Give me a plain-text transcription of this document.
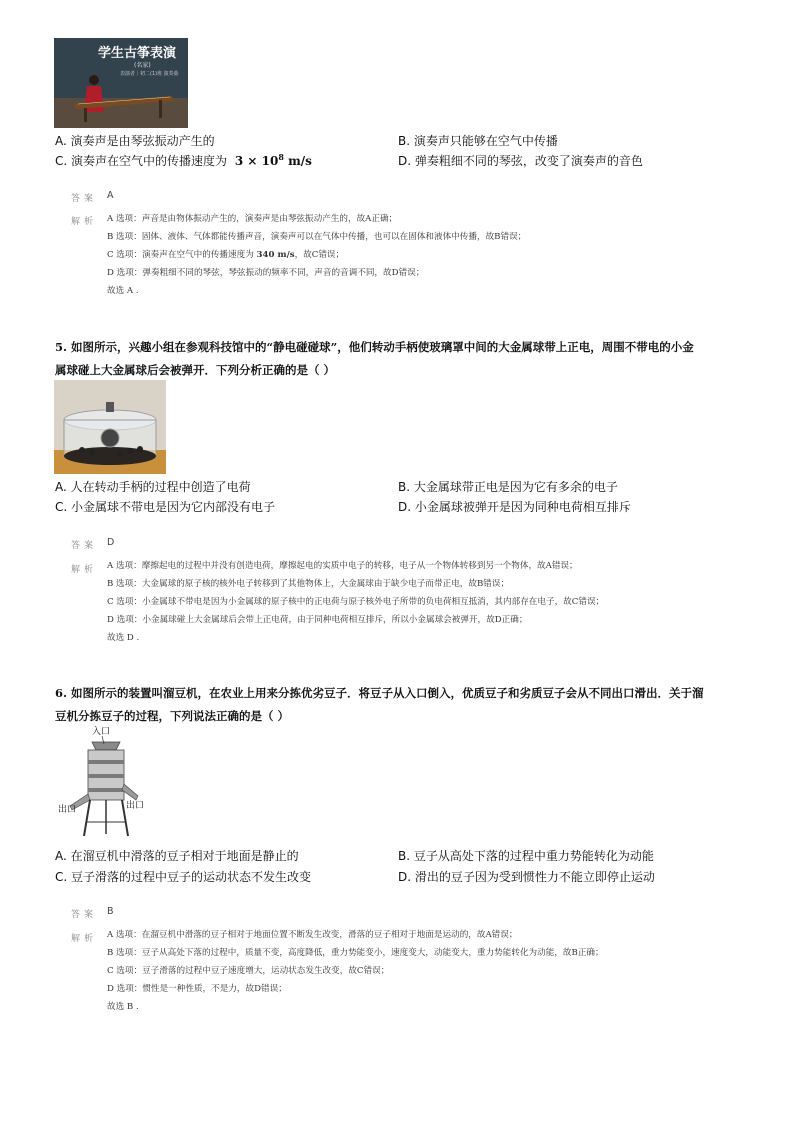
学生古筝表演
(名家)
表演者｜初二(1)班 演奏曲
A. 演奏声是由琴弦振动产生的	B. 演奏声只能够在空气中传播
C. 演奏声在空气中的传播速度为 $3 \times 10^8$ m/s	D. 弹奏粗细不同的琴弦，改变了演奏声的音色
答案 A
解析 A 选项：声音是由物体振动产生的，演奏声是由琴弦振动产生的，故A正确；
B 选项：固体、液体、气体都能传播声音，演奏声可以在气体中传播，也可以在固体和液体中传播，故B错误；
C 选项：演奏声在空气中的传播速度为 340 m/s，故C错误；
D 选项：弹奏粗细不同的琴弦，琴弦振动的频率不同，声音的音调不同，故D错误；
故选 A .
5. 如图所示，兴趣小组在参观科技馆中的“静电碰碰球”，他们转动手柄使玻璃罩中间的大金属球带上正电，周围不带电的小金
属球碰上大金属球后会被弹开．下列分析正确的是（ ）
A. 人在转动手柄的过程中创造了电荷	B. 大金属球带正电是因为它有多余的电子
C. 小金属球不带电是因为它内部没有电子	D. 小金属球被弹开是因为同种电荷相互排斥
答案 D
解析 A 选项：摩擦起电的过程中并没有创造电荷，摩擦起电的实质中电子的转移，电子从一个物体转移到另一个物体，故A错误；
B 选项：大金属球的原子核的核外电子转移到了其他物体上，大金属球由于缺少电子而带正电，故B错误；
C 选项：小金属球不带电是因为小金属球的原子核中的正电荷与原子核外电子所带的负电荷相互抵消，其内部存在电子，故C错误；
D 选项：小金属球碰上大金属球后会带上正电荷，由于同种电荷相互排斥，所以小金属球会被弹开，故D正确；
故选 D .
6. 如图所示的装置叫溜豆机，在农业上用来分拣优劣豆子．将豆子从入口倒入，优质豆子和劣质豆子会从不同出口滑出．关于溜
豆机分拣豆子的过程，下列说法正确的是（ ）
入口
出口	出口
A. 在溜豆机中滑落的豆子相对于地面是静止的	B. 豆子从高处下落的过程中重力势能转化为动能
C. 豆子滑落的过程中豆子的运动状态不发生改变	D. 滑出的豆子因为受到惯性力不能立即停止运动
答案 B
解析 A 选项：在溜豆机中滑落的豆子相对于地面位置不断发生改变，滑落的豆子相对于地面是运动的，故A错误；
B 选项：豆子从高处下落的过程中，质量不变，高度降低，重力势能变小，速度变大，动能变大，重力势能转化为动能，故B正确；
C 选项：豆子滑落的过程中豆子速度增大，运动状态发生改变，故C错误；
D 选项：惯性是一种性质，不是力，故D错误；
故选 B .
